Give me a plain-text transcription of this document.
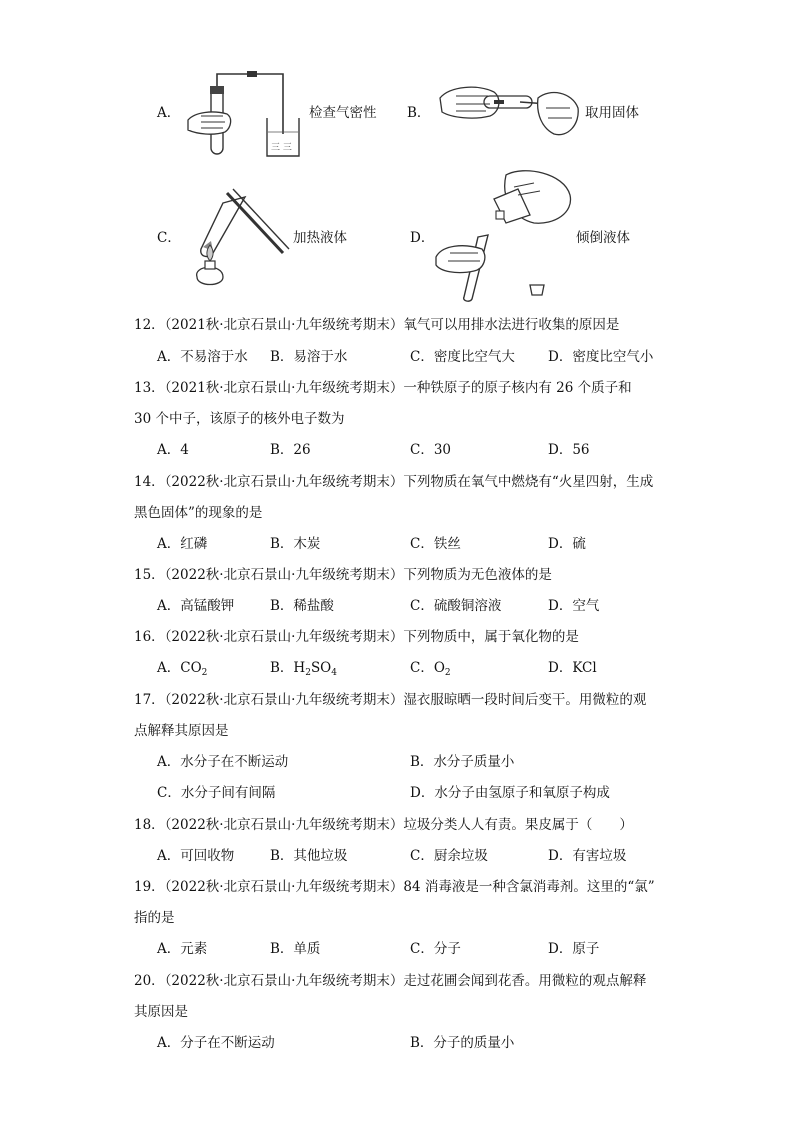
A．
三 三
检查气密性 B．	取用固体
C．	加热液体	D．	倾倒液体
12．（2021秋·北京石景山·九年级统考期末）氧气可以用排水法进行收集的原因是
A．不易溶于水 B．易溶于水	C．密度比空气大 D．密度比空气小
13．（2021秋·北京石景山·九年级统考期末）一种铁原子的原子核内有 26 个质子和
30 个中子，该原子的核外电子数为
A．4	B．26	C．30	D．56
14．（2022秋·北京石景山·九年级统考期末）下列物质在氧气中燃烧有“火星四射，生成
黑色固体”的现象的是
A．红磷	B．木炭	C．铁丝	D．硫
15．（2022秋·北京石景山·九年级统考期末）下列物质为无色液体的是
A．高锰酸钾	B．稀盐酸	C．硫酸铜溶液	D．空气
16．（2022秋·北京石景山·九年级统考期末）下列物质中，属于氧化物的是
A．$CO_2$	B．$H_2SO_4$	C．$O_2$	D．KCl
17．（2022秋·北京石景山·九年级统考期末）湿衣服晾晒一段时间后变干。用微粒的观
点解释其原因是
A．水分子在不断运动	B．水分子质量小
C．水分子间有间隔	D．水分子由氢原子和氧原子构成
18．（2022秋·北京石景山·九年级统考期末）垃圾分类人人有责。果皮属于（　　）
A．可回收物	B．其他垃圾	C．厨余垃圾	D．有害垃圾
19．（2022秋·北京石景山·九年级统考期末）84 消毒液是一种含氯消毒剂。这里的“氯”
指的是
A．元素	B．单质	C．分子	D．原子
20．（2022秋·北京石景山·九年级统考期末）走过花圃会闻到花香。用微粒的观点解释
其原因是
A．分子在不断运动	B．分子的质量小
